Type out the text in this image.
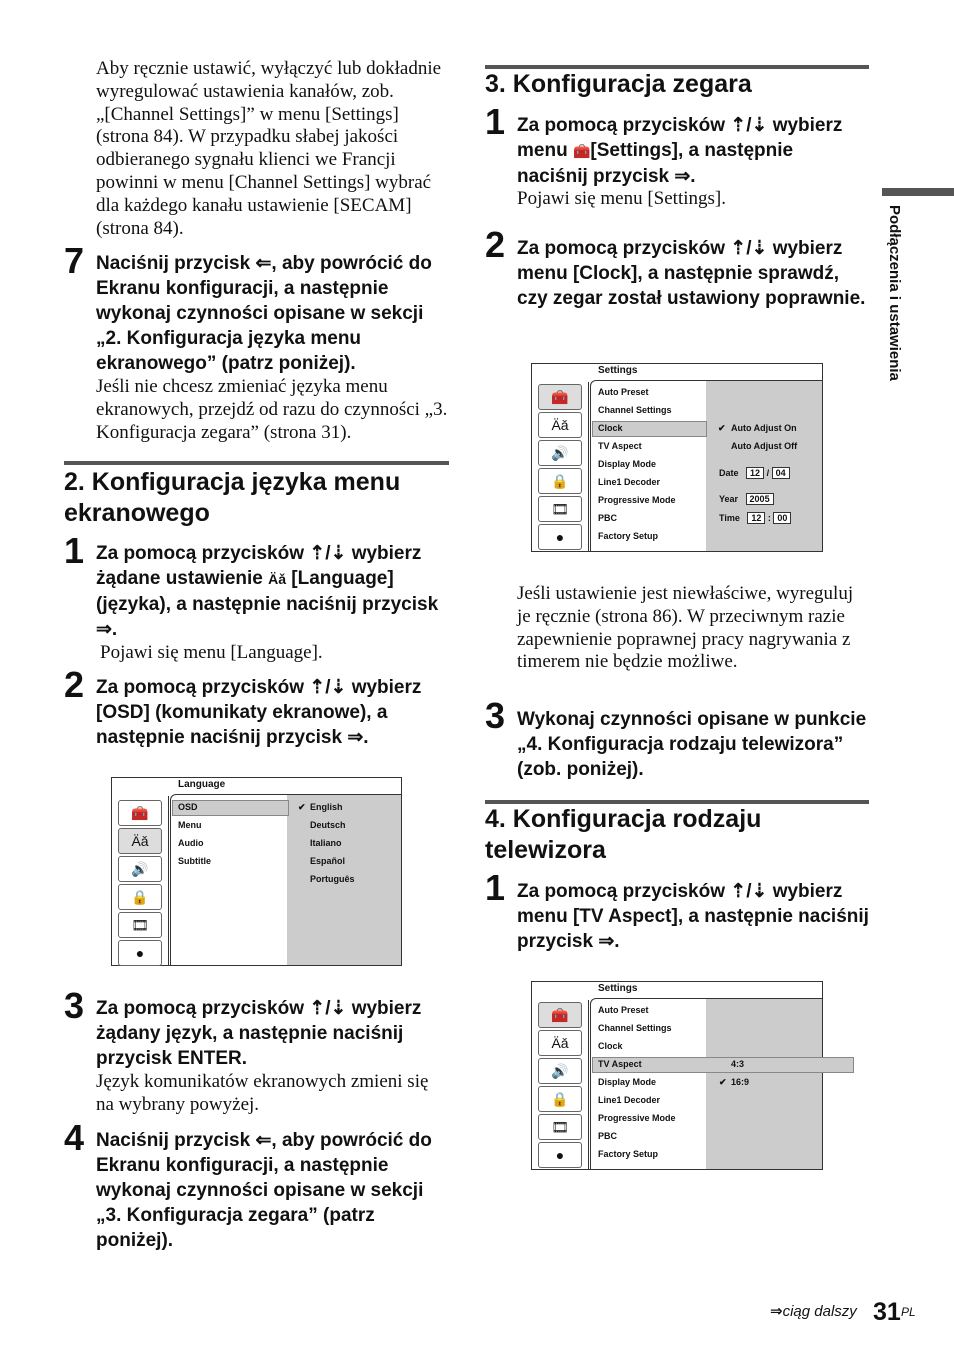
Aby ręcznie ustawić, wyłączyć lub dokładnie wyregulować ustawienia kanałów, zob. „[Channel Settings]” w menu [Settings] (strona 84). W przypadku słabej jakości odbieranego sygnału klienci we Francji powinni w menu [Channel Settings] wybrać dla każdego kanału ustawienie [SECAM] (strona 84).
7 Naciśnij przycisk ⇐, aby powrócić do Ekranu konfiguracji, a następnie wykonaj czynności opisane w sekcji „2. Konfiguracja języka menu ekranowego” (patrz poniżej).
Jeśli nie chcesz zmieniać języka menu ekranowych, przejdź od razu do czynności „3. Konfiguracja zegara” (strona 31).
2. Konfiguracja języka menu ekranowego
1 Za pomocą przycisków ⇡/⇣ wybierz żądane ustawienie Äǎ [Language] (języka), a następnie naciśnij przycisk ⇒.
Pojawi się menu [Language].
2 Za pomocą przycisków ⇡/⇣ wybierz [OSD] (komunikaty ekranowe), a następnie naciśnij przycisk ⇒.
Language
🧰
Äǎ
🔊
🔒
🎞
●
OSD
Menu
Audio
Subtitle
✔ English
Deutsch
Italiano
Español
Português
3 Za pomocą przycisków ⇡/⇣ wybierz żądany język, a następnie naciśnij przycisk ENTER.
Język komunikatów ekranowych zmieni się na wybrany powyżej.
4 Naciśnij przycisk ⇐, aby powrócić do Ekranu konfiguracji, a następnie wykonaj czynności opisane w sekcji „3. Konfiguracja zegara” (patrz poniżej).
3. Konfiguracja zegara
1 Za pomocą przycisków ⇡/⇣ wybierz menu 🧰[Settings], a następnie naciśnij przycisk ⇒.
Pojawi się menu [Settings].
2 Za pomocą przycisków ⇡/⇣ wybierz menu [Clock], a następnie sprawdź, czy zegar został ustawiony poprawnie.
Settings
🧰
Äǎ
🔊
🔒
🎞
●
Auto Preset
Channel Settings
Clock
TV Aspect
Display Mode
Line1 Decoder
Progressive Mode
PBC
Factory Setup
✔ Auto Adjust On
Auto Adjust Off
Date 12 / 04
Year 2005
Time 12 : 00
Jeśli ustawienie jest niewłaściwe, wyreguluj je ręcznie (strona 86). W przeciwnym razie zapewnienie poprawnej pracy nagrywania z timerem nie będzie możliwe.
3 Wykonaj czynności opisane w punkcie „4. Konfiguracja rodzaju telewizora” (zob. poniżej).
4. Konfiguracja rodzaju telewizora
1 Za pomocą przycisków ⇡/⇣ wybierz menu [TV Aspect], a następnie naciśnij przycisk ⇒.
Settings
🧰
Äǎ
🔊
🔒
🎞
●
Auto Preset
Channel Settings
Clock
TV Aspect
Display Mode
Line1 Decoder
Progressive Mode
PBC
Factory Setup
4:3
✔ 16:9
Podłączenia i ustawienia
⇒ciąg dalszy 31 PL
